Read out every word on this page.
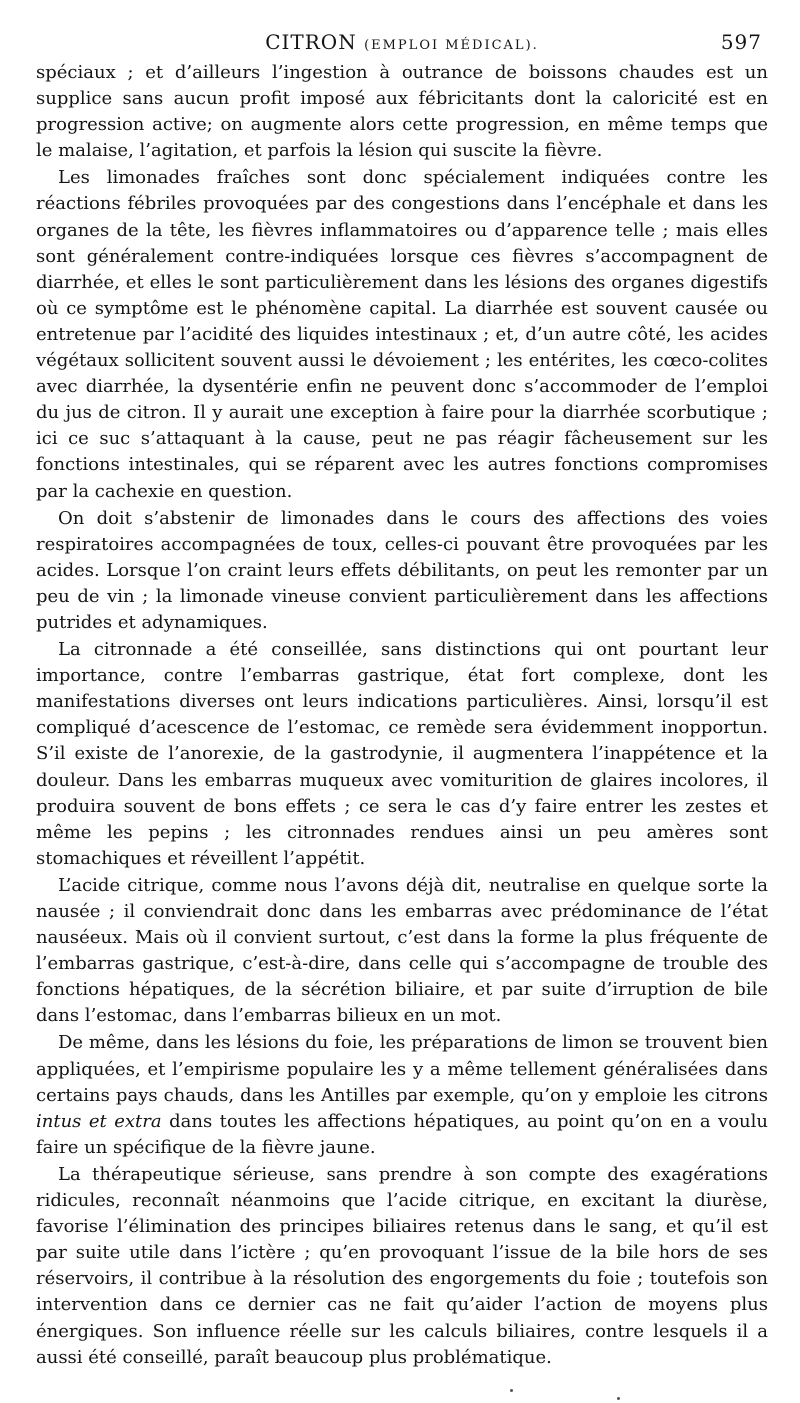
CITRON (EMPLOI MÉDICAL).	597

spéciaux ; et d’ailleurs l’ingestion à outrance de boissons chaudes est un supplice sans aucun profit imposé aux fébricitants dont la caloricité est en progression active; on augmente alors cette progression, en même temps que le malaise, l’agitation, et parfois la lésion qui suscite la fièvre.

Les limonades fraîches sont donc spécialement indiquées contre les réactions fébriles provoquées par des congestions dans l’encéphale et dans les organes de la tête, les fièvres inflammatoires ou d’apparence telle ; mais elles sont généralement contre-indiquées lorsque ces fièvres s’accompagnent de diarrhée, et elles le sont particulièrement dans les lésions des organes digestifs où ce symptôme est le phénomène capital. La diarrhée est souvent causée ou entretenue par l’acidité des liquides intestinaux ; et, d’un autre côté, les acides végétaux sollicitent souvent aussi le dévoiement ; les entérites, les cœco-colites avec diarrhée, la dysentérie enfin ne peuvent donc s’accommoder de l’emploi du jus de citron. Il y aurait une exception à faire pour la diarrhée scorbutique ; ici ce suc s’attaquant à la cause, peut ne pas réagir fâcheusement sur les fonctions intestinales, qui se réparent avec les autres fonctions compromises par la cachexie en question.

On doit s’abstenir de limonades dans le cours des affections des voies respiratoires accompagnées de toux, celles-ci pouvant être provoquées par les acides. Lorsque l’on craint leurs effets débilitants, on peut les remonter par un peu de vin ; la limonade vineuse convient particulièrement dans les affections putrides et adynamiques.

La citronnade a été conseillée, sans distinctions qui ont pourtant leur importance, contre l’embarras gastrique, état fort complexe, dont les manifestations diverses ont leurs indications particulières. Ainsi, lorsqu’il est compliqué d’acescence de l’estomac, ce remède sera évidemment inopportun. S’il existe de l’anorexie, de la gastrodynie, il augmentera l’inappétence et la douleur. Dans les embarras muqueux avec vomiturition de glaires incolores, il produira souvent de bons effets ; ce sera le cas d’y faire entrer les zestes et même les pepins ; les citronnades rendues ainsi un peu amères sont stomachiques et réveillent l’appétit.

L’acide citrique, comme nous l’avons déjà dit, neutralise en quelque sorte la nausée ; il conviendrait donc dans les embarras avec prédominance de l’état nauséeux. Mais où il convient surtout, c’est dans la forme la plus fréquente de l’embarras gastrique, c’est-à-dire, dans celle qui s’accompagne de trouble des fonctions hépatiques, de la sécrétion biliaire, et par suite d’irruption de bile dans l’estomac, dans l’embarras bilieux en un mot.

De même, dans les lésions du foie, les préparations de limon se trouvent bien appliquées, et l’empirisme populaire les y a même tellement généralisées dans certains pays chauds, dans les Antilles par exemple, qu’on y emploie les citrons intus et extra dans toutes les affections hépatiques, au point qu’on en a voulu faire un spécifique de la fièvre jaune.

La thérapeutique sérieuse, sans prendre à son compte des exagérations ridicules, reconnaît néanmoins que l’acide citrique, en excitant la diurèse, favorise l’élimination des principes biliaires retenus dans le sang, et qu’il est par suite utile dans l’ictère ; qu’en provoquant l’issue de la bile hors de ses réservoirs, il contribue à la résolution des engorgements du foie ; toutefois son intervention dans ce dernier cas ne fait qu’aider l’action de moyens plus énergiques. Son influence réelle sur les calculs biliaires, contre lesquels il a aussi été conseillé, paraît beaucoup plus problématique.
